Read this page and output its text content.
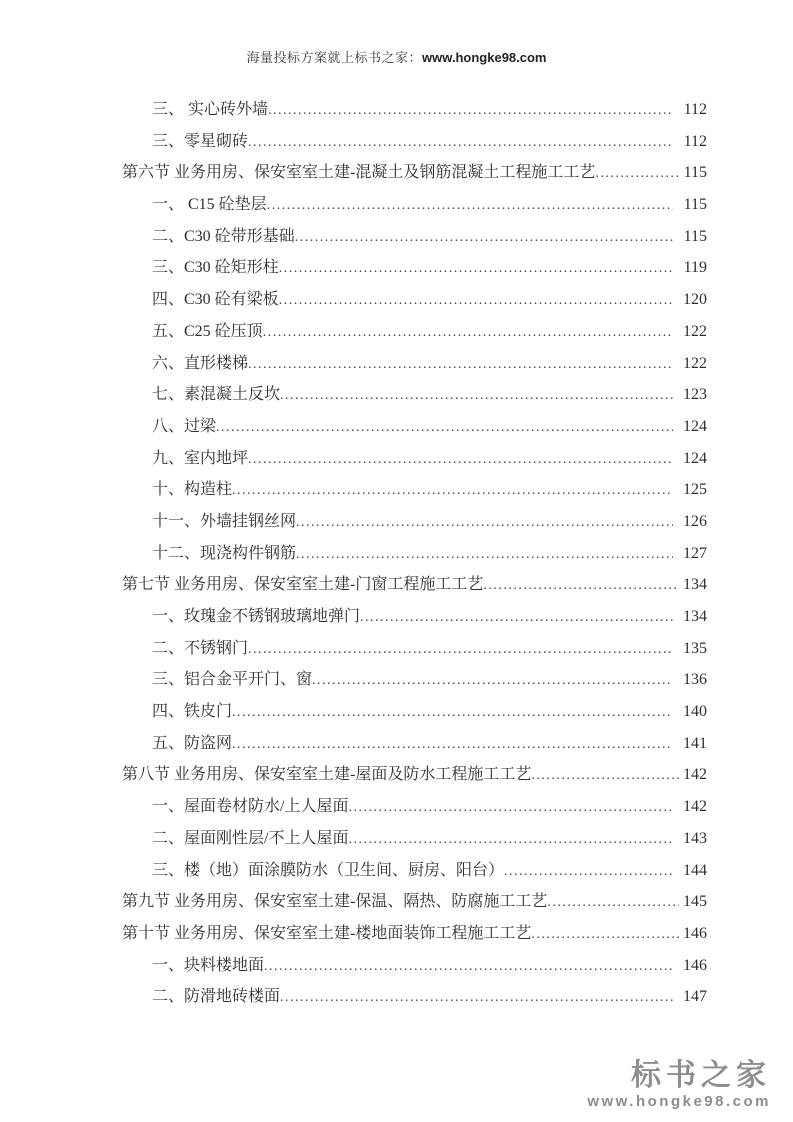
海量投标方案就上标书之家：www.hongke98.com
三、 实心砖外墙 .....	112
三、零星砌砖 .....	112
第六节 业务用房、保安室室土建-混凝土及钢筋混凝土工程施工工艺 .....	115
一、 C15 砼垫层 .....	115
二、C30 砼带形基础 .....	115
三、C30 砼矩形柱 .....	119
四、C30 砼有梁板 .....	120
五、C25 砼压顶 .....	122
六、直形楼梯 .....	122
七、素混凝土反坎 .....	123
八、过梁 .....	124
九、室内地坪 .....	124
十、构造柱 .....	125
十一、外墙挂钢丝网 .....	126
十二、现浇构件钢筋 .....	127
第七节 业务用房、保安室室土建-门窗工程施工工艺 .....	134
一、玫瑰金不锈钢玻璃地弹门 .....	134
二、不锈钢门 .....	135
三、铝合金平开门、窗 .....	136
四、铁皮门 .....	140
五、防盗网 .....	141
第八节 业务用房、保安室室土建-屋面及防水工程施工工艺 .....	142
一、屋面卷材防水/上人屋面 .....	142
二、屋面刚性层/不上人屋面 .....	143
三、楼（地）面涂膜防水（卫生间、厨房、阳台） .....	144
第九节 业务用房、保安室室土建-保温、隔热、防腐施工工艺 .....	145
第十节 业务用房、保安室室土建-楼地面装饰工程施工工艺 .....	146
一、块料楼地面 .....	146
二、防滑地砖楼面 .....	147
标书之家
www.hongke98.com
